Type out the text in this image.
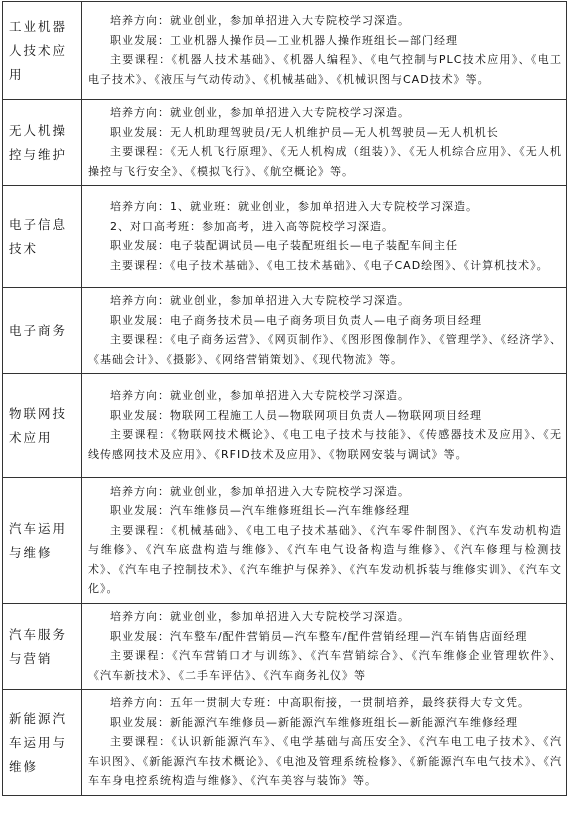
工业机器人技术应用	培养方向：就业创业，参加单招进入大专院校学习深造。

职业发展：工业机器人操作员—工业机器人操作班组长—部门经理

主要课程：《机器人技术基础》、《机器人编程》、《电气控制与PLC技术应用》、《电工电子技术》、《液压与气动传动》、《机械基础》、《机械识图与CAD技术》等。

无人机操控与维护	培养方向：就业创业，参加单招进入大专院校学习深造。

职业发展：无人机助理驾驶员/无人机维护员—无人机驾驶员—无人机机长

主要课程：《无人机飞行原理》、《无人机构成（组装）》、《无人机综合应用》、《无人机操控与飞行安全》、《模拟飞行》、《航空概论》等。

电子信息技术	培养方向：1、就业班：就业创业，参加单招进入大专院校学习深造。

2、对口高考班：参加高考，进入高等院校学习深造。

职业发展：电子装配调试员—电子装配班组长—电子装配车间主任

主要课程：《电子技术基础》、《电工技术基础》、《电子CAD绘图》、《计算机技术》。

电子商务	培养方向：就业创业，参加单招进入大专院校学习深造。

职业发展：电子商务技术员—电子商务项目负责人—电子商务项目经理

主要课程：《电子商务运营》、《网页制作》、《图形图像制作》、《管理学》、《经济学》、《基础会计》、《摄影》、《网络营销策划》、《现代物流》等。

物联网技术应用	培养方向：就业创业，参加单招进入大专院校学习深造。

职业发展：物联网工程施工人员—物联网项目负责人—物联网项目经理

主要课程：《物联网技术概论》、《电工电子技术与技能》、《传感器技术及应用》、《无线传感网技术及应用》、《RFID技术及应用》、《物联网安装与调试》等。

汽车运用与维修	培养方向：就业创业，参加单招进入大专院校学习深造。

职业发展：汽车维修员—汽车维修班组长—汽车维修经理

主要课程：《机械基础》、《电工电子技术基础》、《汽车零件制图》、《汽车发动机构造与维修》、《汽车底盘构造与维修》、《汽车电气设备构造与维修》、《汽车修理与检测技术》、《汽车电子控制技术》、《汽车维护与保养》、《汽车发动机拆装与维修实训》、《汽车文化》。

汽车服务与营销	培养方向：就业创业，参加单招进入大专院校学习深造。

职业发展：汽车整车/配件营销员—汽车整车/配件营销经理—汽车销售店面经理

主要课程：《汽车营销口才与训练》、《汽车营销综合》、《汽车维修企业管理软件》、《汽车新技术》、《二手车评估》、《汽车商务礼仪》等

新能源汽车运用与维修	培养方向：五年一贯制大专班：中高职衔接，一贯制培养，最终获得大专文凭。

职业发展：新能源汽车维修员—新能源汽车维修班组长—新能源汽车维修经理

主要课程：《认识新能源汽车》、《电学基础与高压安全》、《汽车电工电子技术》、《汽车识图》、《新能源汽车技术概论》、《电池及管理系统检修》、《新能源汽车电气技术》、《汽车车身电控系统构造与维修》、《汽车美容与装饰》等。
